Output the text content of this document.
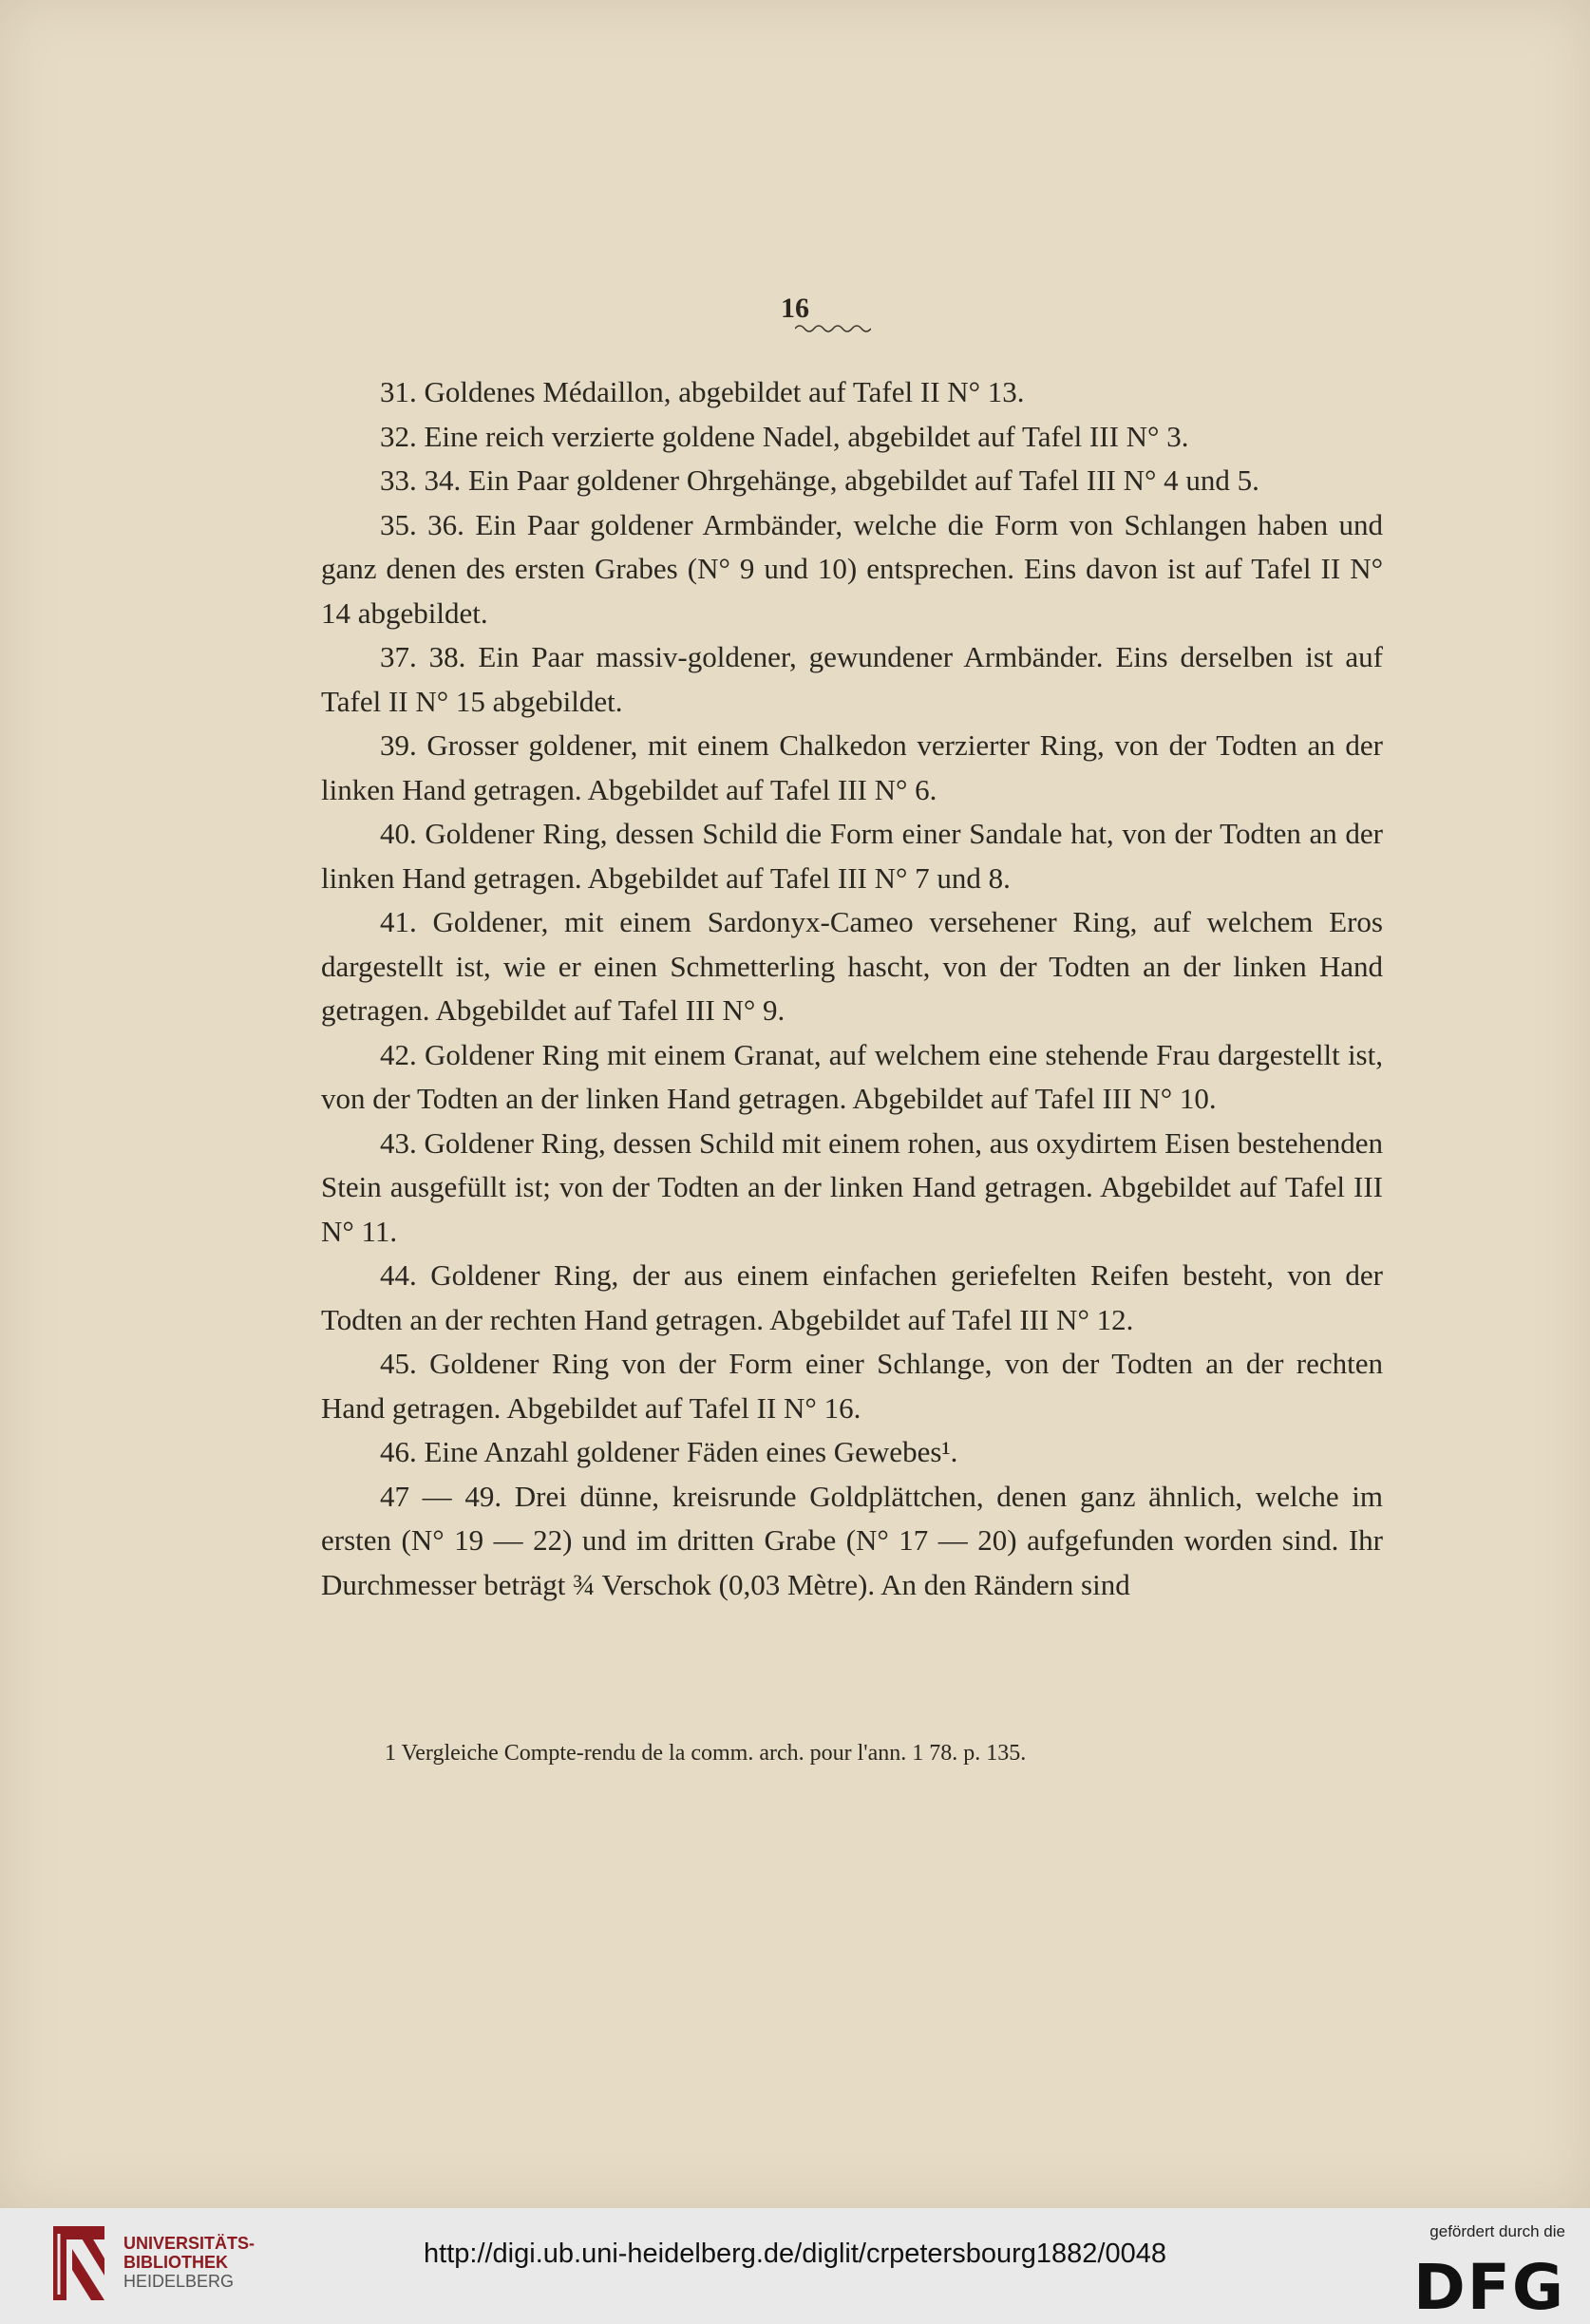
16

31. Goldenes Médaillon, abgebildet auf Tafel II N° 13.

32. Eine reich verzierte goldene Nadel, abgebildet auf Tafel III N° 3.

33. 34. Ein Paar goldener Ohrgehänge, abgebildet auf Tafel III N° 4 und 5.

35. 36. Ein Paar goldener Armbänder, welche die Form von Schlangen haben und ganz denen des ersten Grabes (N° 9 und 10) entsprechen. Eins davon ist auf Tafel II N° 14 abgebildet.

37. 38. Ein Paar massiv-goldener, gewundener Armbänder. Eins derselben ist auf Tafel II N° 15 abgebildet.

39. Grosser goldener, mit einem Chalkedon verzierter Ring, von der Todten an der linken Hand getragen. Abgebildet auf Tafel III N° 6.

40. Goldener Ring, dessen Schild die Form einer Sandale hat, von der Todten an der linken Hand getragen. Abgebildet auf Tafel III N° 7 und 8.

41. Goldener, mit einem Sardonyx-Cameo versehener Ring, auf welchem Eros dargestellt ist, wie er einen Schmetterling hascht, von der Todten an der linken Hand getragen. Abgebildet auf Tafel III N° 9.

42. Goldener Ring mit einem Granat, auf welchem eine stehende Frau dargestellt ist, von der Todten an der linken Hand getragen. Abgebildet auf Tafel III N° 10.

43. Goldener Ring, dessen Schild mit einem rohen, aus oxydirtem Eisen bestehenden Stein ausgefüllt ist; von der Todten an der linken Hand getragen. Abgebildet auf Tafel III N° 11.

44. Goldener Ring, der aus einem einfachen geriefelten Reifen besteht, von der Todten an der rechten Hand getragen. Abgebildet auf Tafel III N° 12.

45. Goldener Ring von der Form einer Schlange, von der Todten an der rechten Hand getragen. Abgebildet auf Tafel II N° 16.

46. Eine Anzahl goldener Fäden eines Gewebes¹.

47 — 49. Drei dünne, kreisrunde Goldplättchen, denen ganz ähnlich, welche im ersten (N° 19 — 22) und im dritten Grabe (N° 17 — 20) aufgefunden worden sind. Ihr Durchmesser beträgt ¾ Verschok (0,03 Mètre). An den Rändern sind

1 Vergleiche Compte-rendu de la comm. arch. pour l'ann. 1 78. p. 135.
UNIVERSITÄTS-
BIBLIOTHEK
HEIDELBERG
http://digi.ub.uni-heidelberg.de/diglit/crpetersbourg1882/0048
gefördert durch die
DFG
